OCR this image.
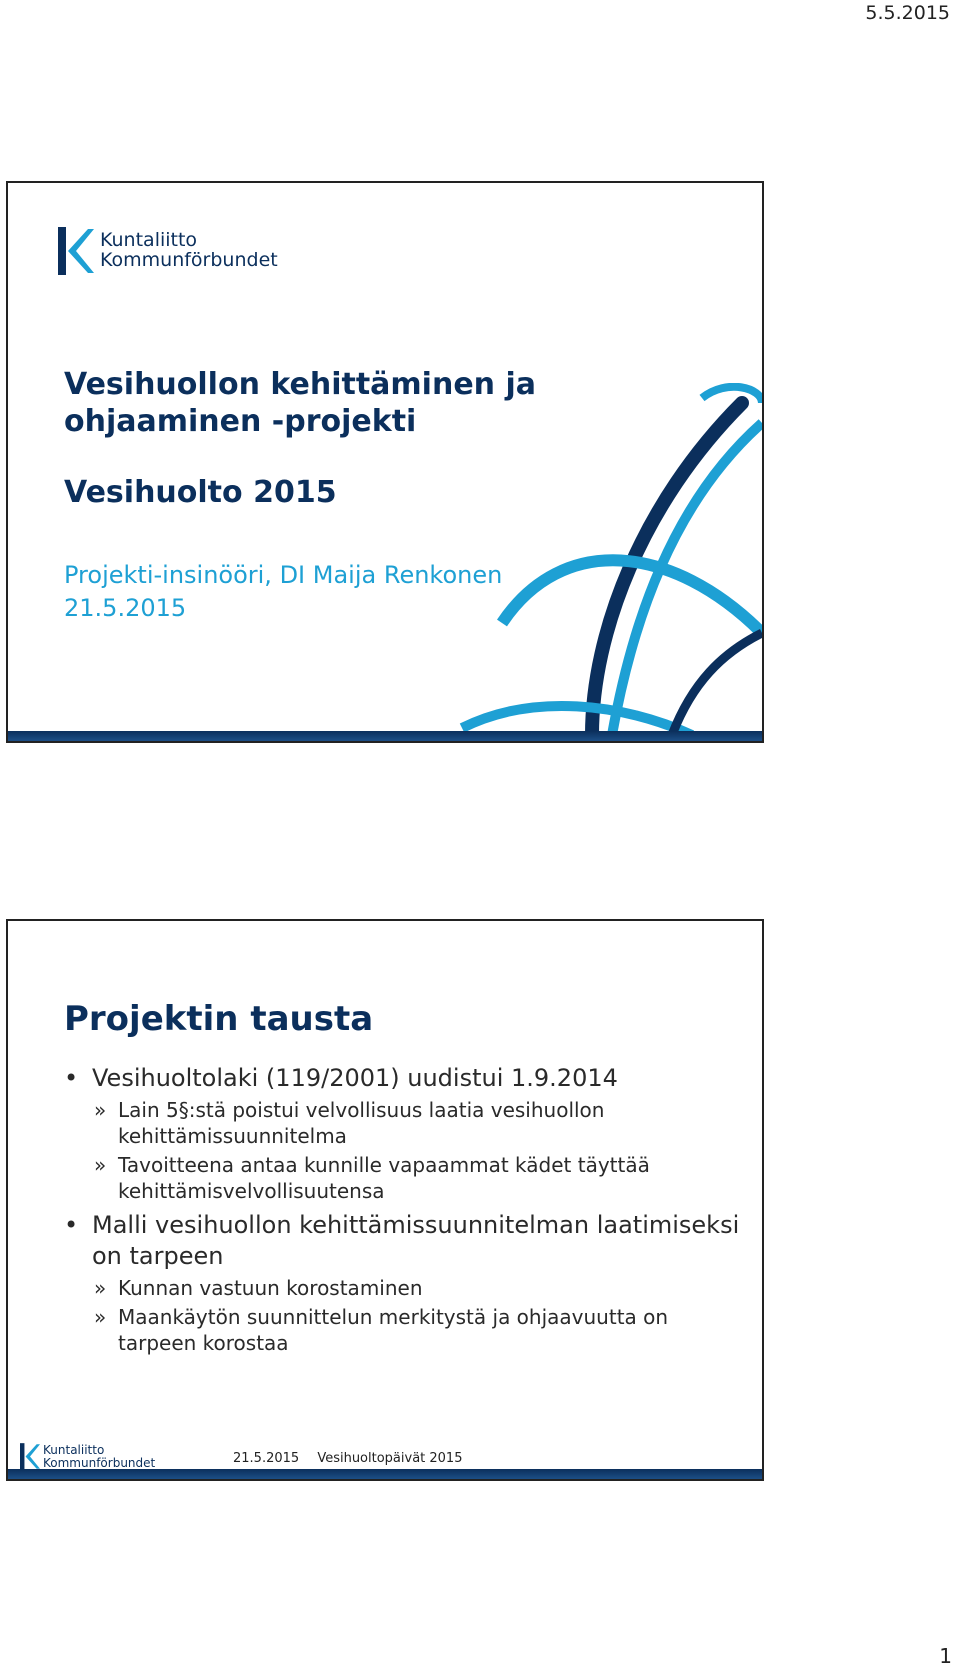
5.5.2015
Kuntaliitto
Kommunförbundet
Vesihuollon kehittäminen ja ohjaaminen -projekti
Vesihuolto 2015
Projekti-insinööri, DI Maija Renkonen
21.5.2015
Projektin tausta
• Vesihuoltolaki (119/2001) uudistui 1.9.2014
» Lain 5§:stä poistui velvollisuus laatia vesihuollon kehittämissuunnitelma
» Tavoitteena antaa kunnille vapaammat kädet täyttää kehittämisvelvollisuutensa
• Malli vesihuollon kehittämissuunnitelman laatimiseksi on tarpeen
» Kunnan vastuun korostaminen
» Maankäytön suunnittelun merkitystä ja ohjaavuutta on tarpeen korostaa
Kuntaliitto
Kommunförbundet	21.5.2015 Vesihuoltopäivät 2015
1
